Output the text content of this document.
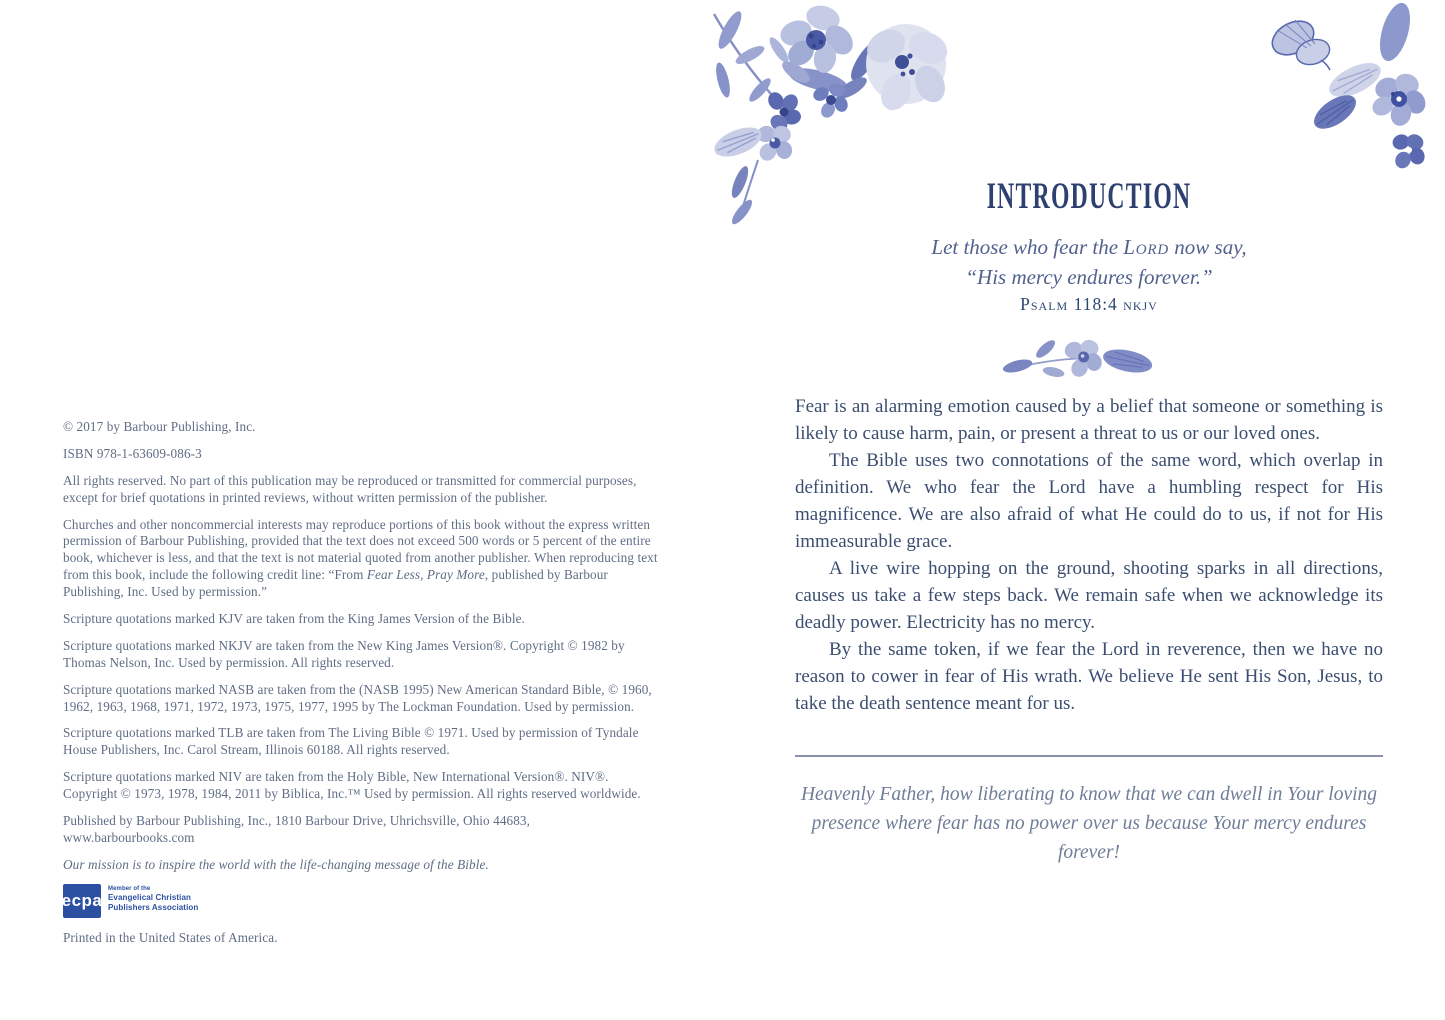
© 2017 by Barbour Publishing, Inc.

ISBN 978-1-63609-086-3

All rights reserved. No part of this publication may be reproduced or transmitted for commercial purposes, except for brief quotations in printed reviews, without written permission of the publisher.

Churches and other noncommercial interests may reproduce portions of this book without the express written permission of Barbour Publishing, provided that the text does not exceed 500 words or 5 percent of the entire book, whichever is less, and that the text is not material quoted from another publisher. When reproducing text from this book, include the following credit line: “From Fear Less, Pray More, published by Barbour Publishing, Inc. Used by permission.”

Scripture quotations marked KJV are taken from the King James Version of the Bible.

Scripture quotations marked NKJV are taken from the New King James Version®. Copyright © 1982 by Thomas Nelson, Inc. Used by permission. All rights reserved.

Scripture quotations marked NASB are taken from the (NASB 1995) New American Standard Bible, © 1960, 1962, 1963, 1968, 1971, 1972, 1973, 1975, 1977, 1995 by The Lockman Foundation. Used by permission.

Scripture quotations marked TLB are taken from The Living Bible © 1971. Used by permission of Tyndale House Publishers, Inc. Carol Stream, Illinois 60188. All rights reserved.

Scripture quotations marked NIV are taken from the Holy Bible, New International Version®. NIV®. Copyright © 1973, 1978, 1984, 2011 by Biblica, Inc.™ Used by permission. All rights reserved worldwide.

Published by Barbour Publishing, Inc., 1810 Barbour Drive, Uhrichsville, Ohio 44683, www.barbourbooks.com

Our mission is to inspire the world with the life-changing message of the Bible.

ecpa
Member of the
Evangelical Christian
Publishers Association

Printed in the United States of America.

INTRODUCTION
Let those who fear the Lord now say,
“His mercy endures forever.”
Psalm 118:4 nkjv

Fear is an alarming emotion caused by a belief that someone or something is likely to cause harm, pain, or present a threat to us or our loved ones.

The Bible uses two connotations of the same word, which overlap in definition. We who fear the Lord have a humbling respect for His magnificence. We are also afraid of what He could do to us, if not for His immeasurable grace.

A live wire hopping on the ground, shooting sparks in all directions, causes us take a few steps back. We remain safe when we acknowledge its deadly power. Electricity has no mercy.

By the same token, if we fear the Lord in reverence, then we have no reason to cower in fear of His wrath. We believe He sent His Son, Jesus, to take the death sentence meant for us.

Heavenly Father, how liberating to know that we can dwell in Your loving presence where fear has no power over us because Your mercy endures forever!
